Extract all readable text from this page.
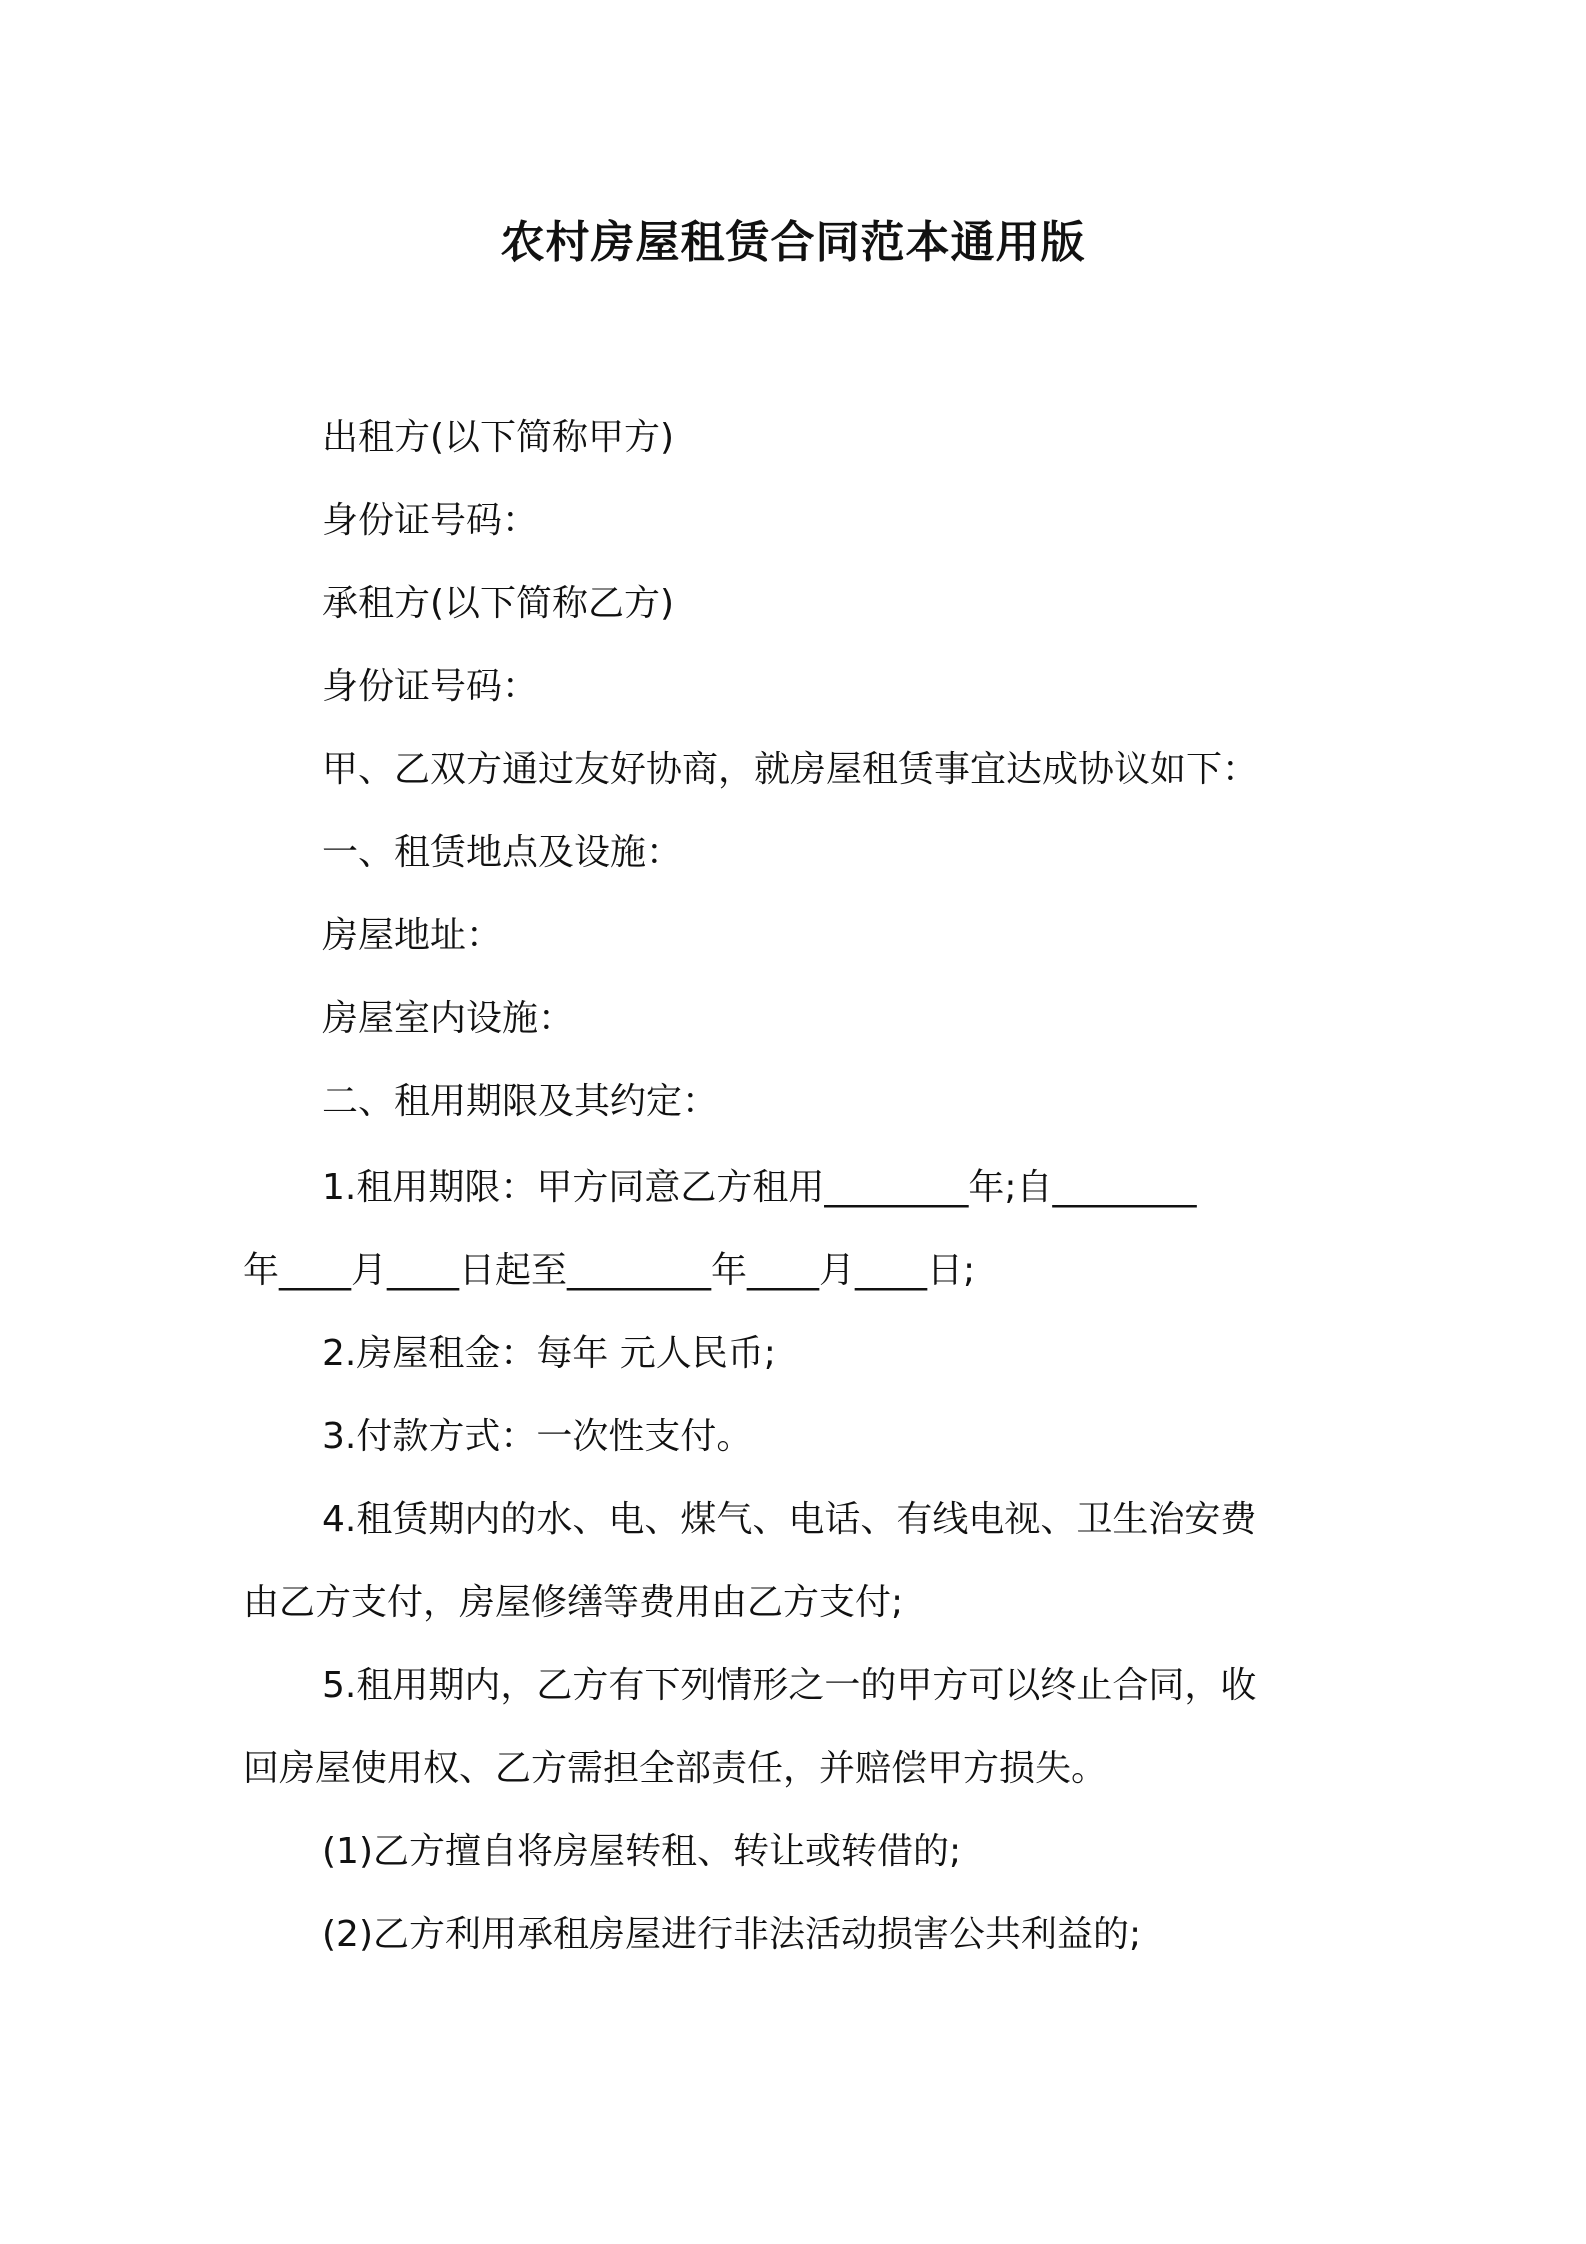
农村房屋租赁合同范本通用版
出租方(以下简称甲方)
身份证号码：
承租方(以下简称乙方)
身份证号码：
甲、乙双方通过友好协商，就房屋租赁事宜达成协议如下：
一、租赁地点及设施：
房屋地址：
房屋室内设施：
二、租用期限及其约定：
1.租用期限：甲方同意乙方租用________年;自________
年____月____日起至________年____月____日;
2.房屋租金：每年 元人民币;
3.付款方式：一次性支付。
4.租赁期内的水、电、煤气、电话、有线电视、卫生治安费
由乙方支付，房屋修缮等费用由乙方支付;
5.租用期内，乙方有下列情形之一的甲方可以终止合同，收
回房屋使用权、乙方需担全部责任，并赔偿甲方损失。
(1)乙方擅自将房屋转租、转让或转借的;
(2)乙方利用承租房屋进行非法活动损害公共利益的;
